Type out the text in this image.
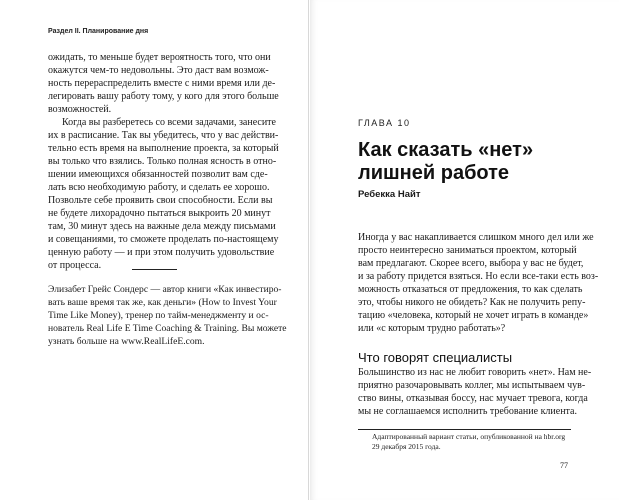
Раздел II. Планирование дня
ожидать, то меньше будет вероятность того, что они
окажутся чем-то недовольны. Это даст вам возмож-
ность перераспределить вместе с ними время или де-
легировать вашу работу тому, у кого для этого больше
возможностей.
Когда вы разберетесь со всеми задачами, занесите
их в расписание. Так вы убедитесь, что у вас действи-
тельно есть время на выполнение проекта, за который
вы только что взялись. Только полная ясность в отно-
шении имеющихся обязанностей позволит вам сде-
лать всю необходимую работу, и сделать ее хорошо.
Позвольте себе проявить свои способности. Если вы
не будете лихорадочно пытаться выкроить 20 минут
там, 30 минут здесь на важные дела между письмами
и совещаниями, то сможете проделать по-настоящему
ценную работу — и при этом получить удовольствие
от процесса.
Элизабет Грейс Сондерс — автор книги «Как инвестиро-
вать ваше время так же, как деньги» (How to Invest Your
Time Like Money), тренер по тайм-менеджменту и ос-
нователь Real Life E Time Coaching & Training. Вы можете
узнать больше на www.RealLifeE.com.
ГЛАВА 10
Как сказать «нет»
лишней работе
Ребекка Найт
Иногда у вас накапливается слишком много дел или же
просто неинтересно заниматься проектом, который
вам предлагают. Скорее всего, выбора у вас не будет,
и за работу придется взяться. Но если все-таки есть воз-
можность отказаться от предложения, то как сделать
это, чтобы никого не обидеть? Как не получить репу-
тацию «человека, который не хочет играть в команде»
или «с которым трудно работать»?
Что говорят специалисты
Большинство из нас не любит говорить «нет». Нам не-
приятно разочаровывать коллег, мы испытываем чув-
ство вины, отказывая боссу, нас мучает тревога, когда
мы не соглашаемся исполнить требование клиента.
Адаптированный вариант статьи, опубликованной на hbr.org
29 декабря 2015 года.
77
